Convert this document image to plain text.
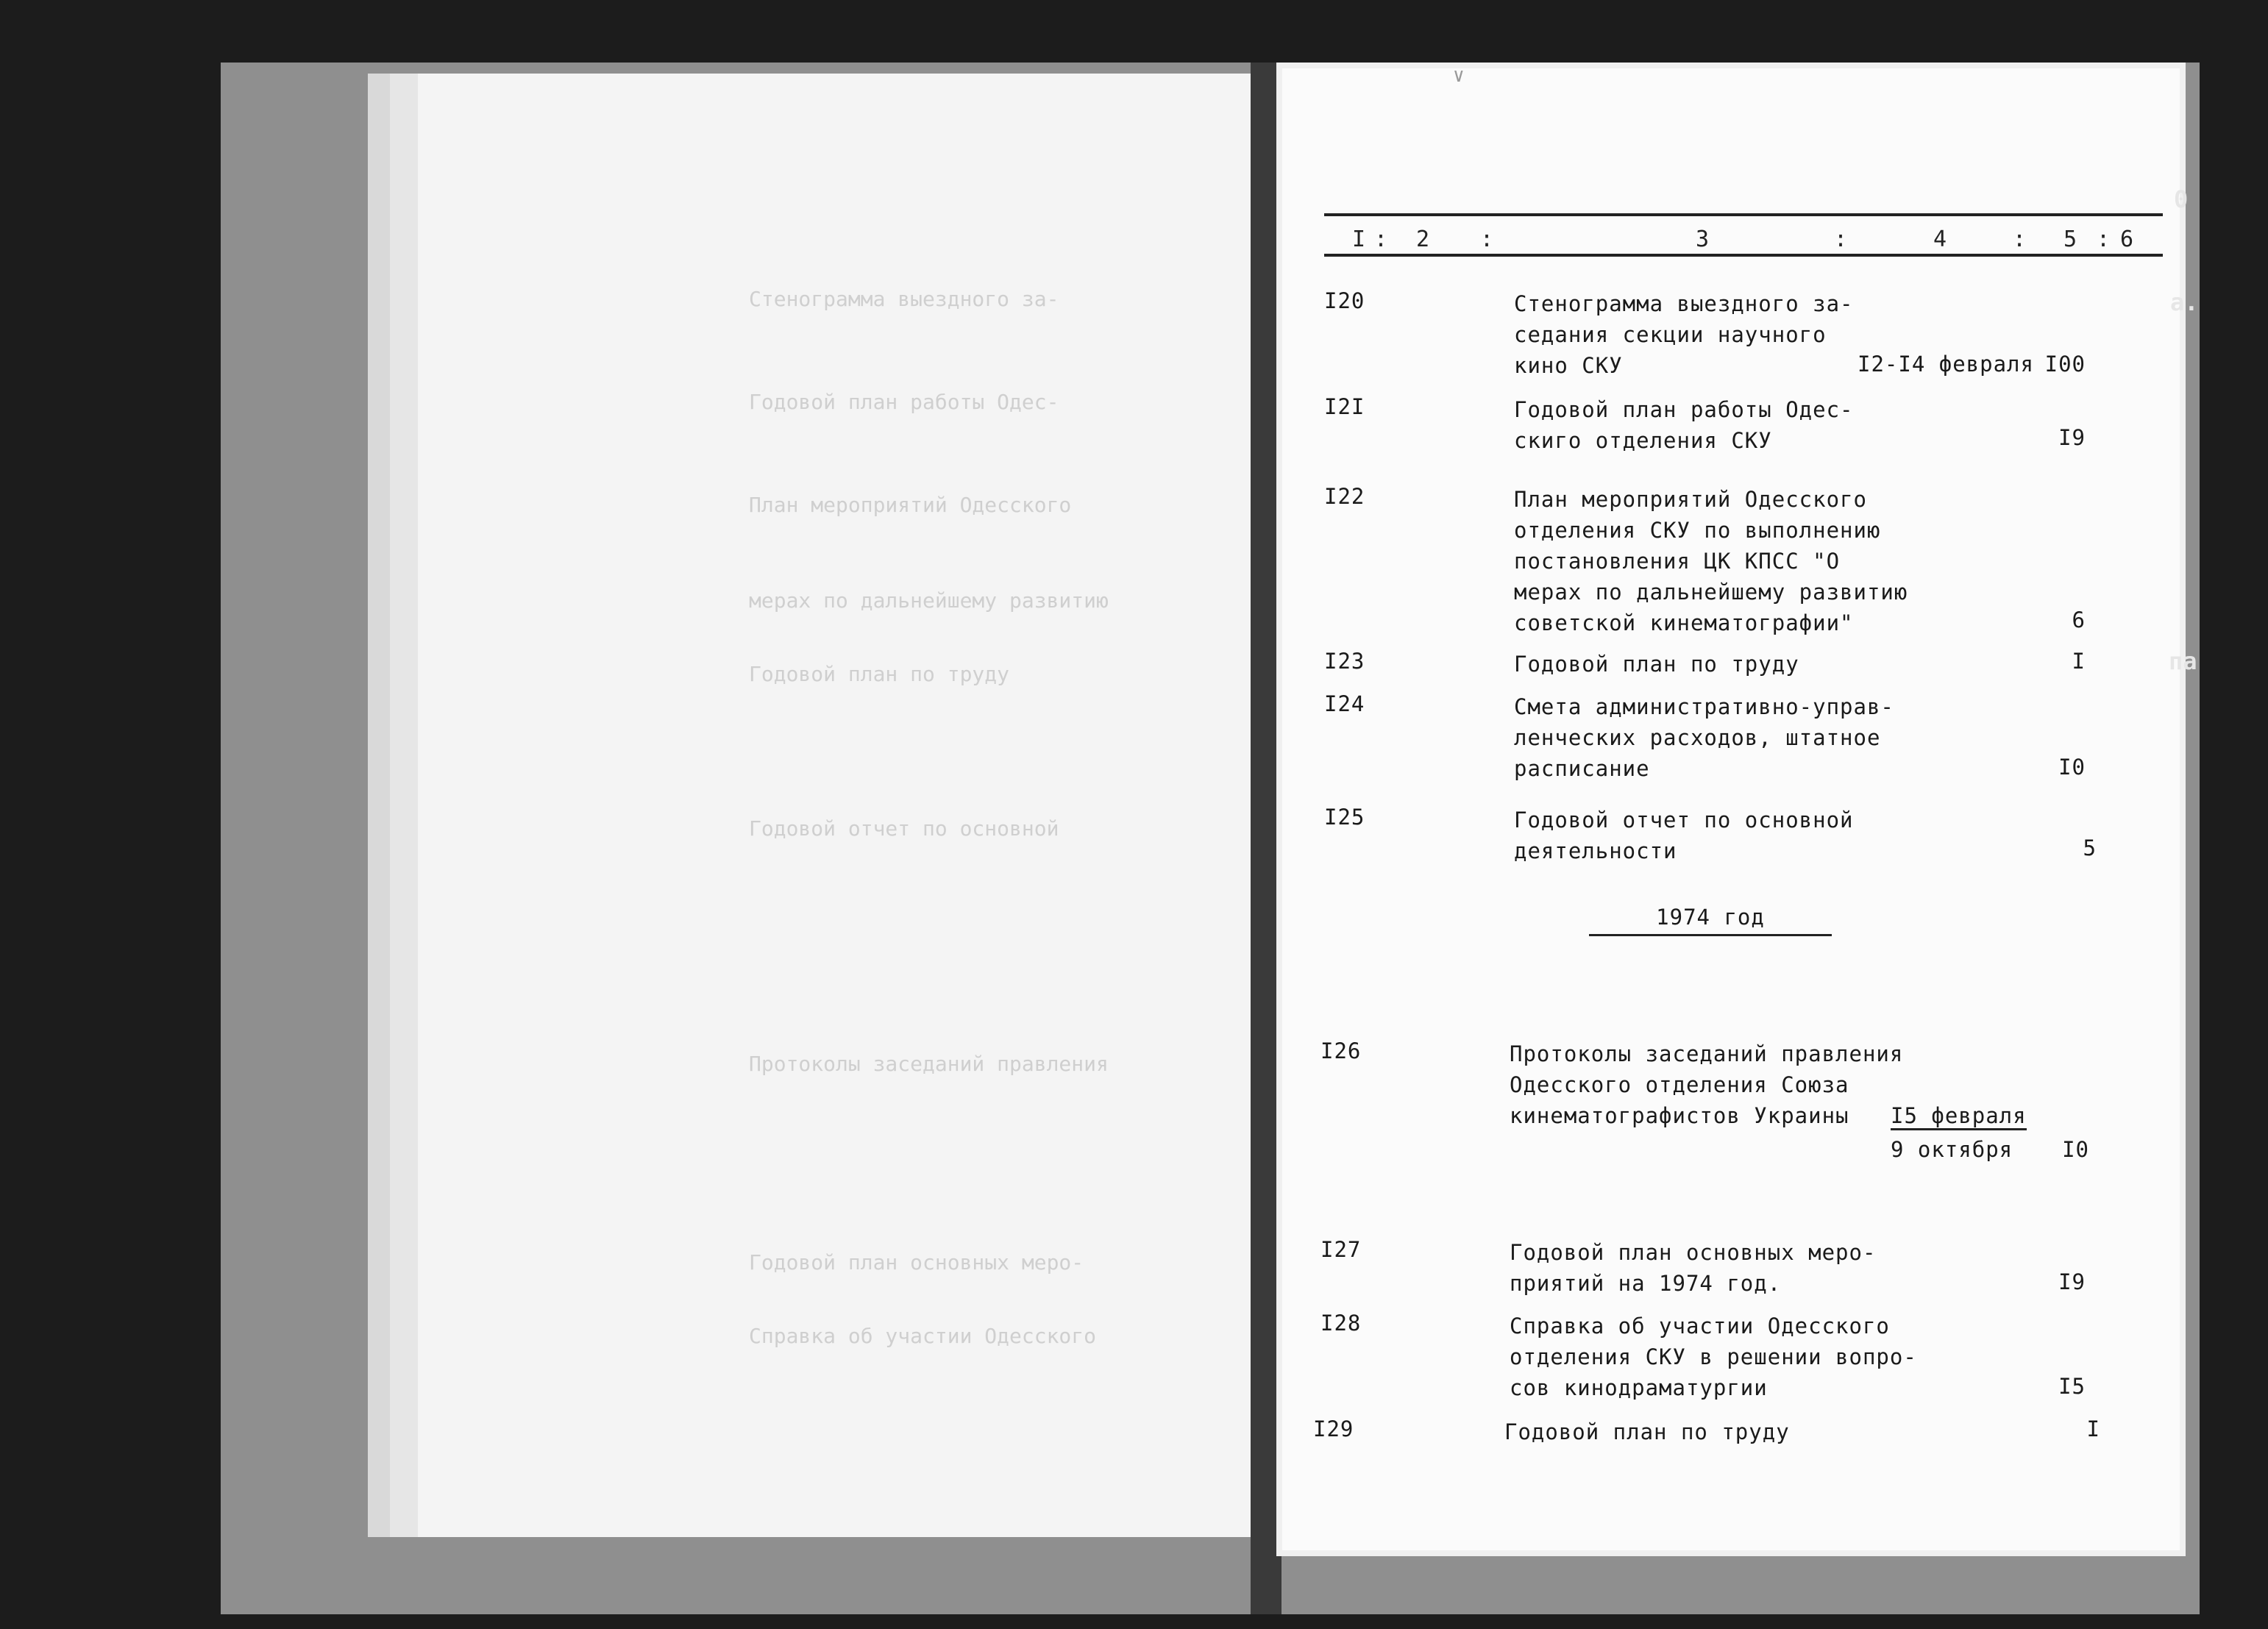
Стенограмма выездного за-
Годовой план работы Одес-
План мероприятий Одесского
мерах по дальнейшему развитию
Годовой план по труду
Годовой отчет по основной
Протоколы заседаний правления
Годовой план основных меро-
Справка об участии Одесского
∨
I : 2 :	3	:	4	: 5 : 6
I20	Стенограмма выездного за-
седания секции научного
кино СКУ	I2-I4 февраля I00
I2I	Годовой план работы Одес-
скиго отделения СКУ	I9
I22	План мероприятий Одесского
отделения СКУ по выполнению
постановления ЦК КПСС "О
мерах по дальнейшему развитию
советской кинематографии"	6
I23	Годовой план по труду	I
I24	Смета административно-управ-
ленческих расходов, штатное
расписание	I0
I25	Годовой отчет по основной
деятельности	5
1974 год
I26	Протоколы заседаний правления
Одесского отделения Союза
кинематографистов Украины	I5 февраля
9 октября	I0
I27	Годовой план основных меро-
приятий на 1974 год.	I9
I28	Справка об участии Одесского
отделения СКУ в решении вопро-
сов кинодраматургии	I5
I29	Годовой план по труду	I
0
а.
па
